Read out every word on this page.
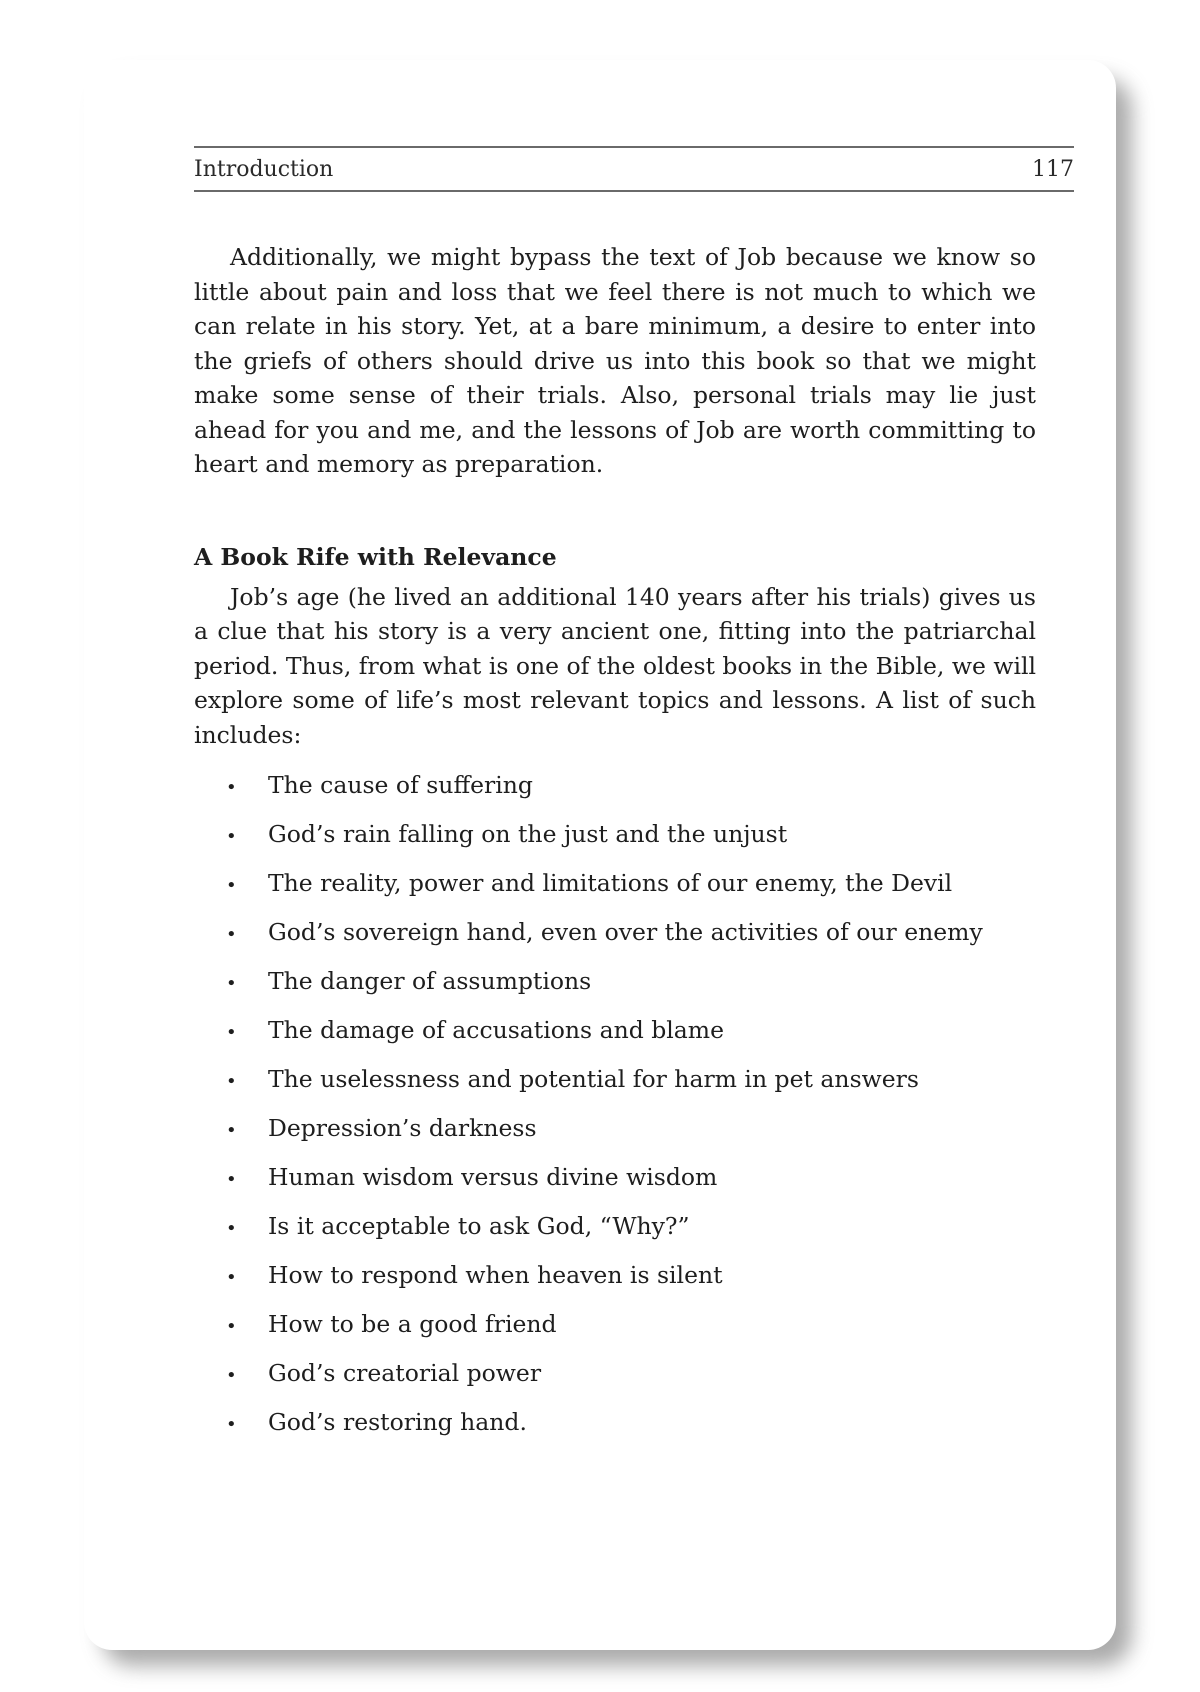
Introduction	117

Additionally, we might bypass the text of Job because we know so little about pain and loss that we feel there is not much to which we can relate in his story. Yet, at a bare minimum, a desire to enter into the griefs of others should drive us into this book so that we might make some sense of their trials. Also, personal trials may lie just ahead for you and me, and the lessons of Job are worth committing to heart and memory as preparation.

A Book Rife with Relevance

Job’s age (he lived an additional 140 years after his trials) gives us a clue that his story is a very ancient one, fitting into the patriarchal period. Thus, from what is one of the oldest books in the Bible, we will explore some of life’s most relevant topics and lessons. A list of such includes:

•	The cause of suffering
•	God’s rain falling on the just and the unjust
•	The reality, power and limitations of our enemy, the Devil
•	God’s sovereign hand, even over the activities of our enemy
•	The danger of assumptions
•	The damage of accusations and blame
•	The uselessness and potential for harm in pet answers
•	Depression’s darkness
•	Human wisdom versus divine wisdom
•	Is it acceptable to ask God, “Why?”
•	How to respond when heaven is silent
•	How to be a good friend
•	God’s creatorial power
•	God’s restoring hand.
